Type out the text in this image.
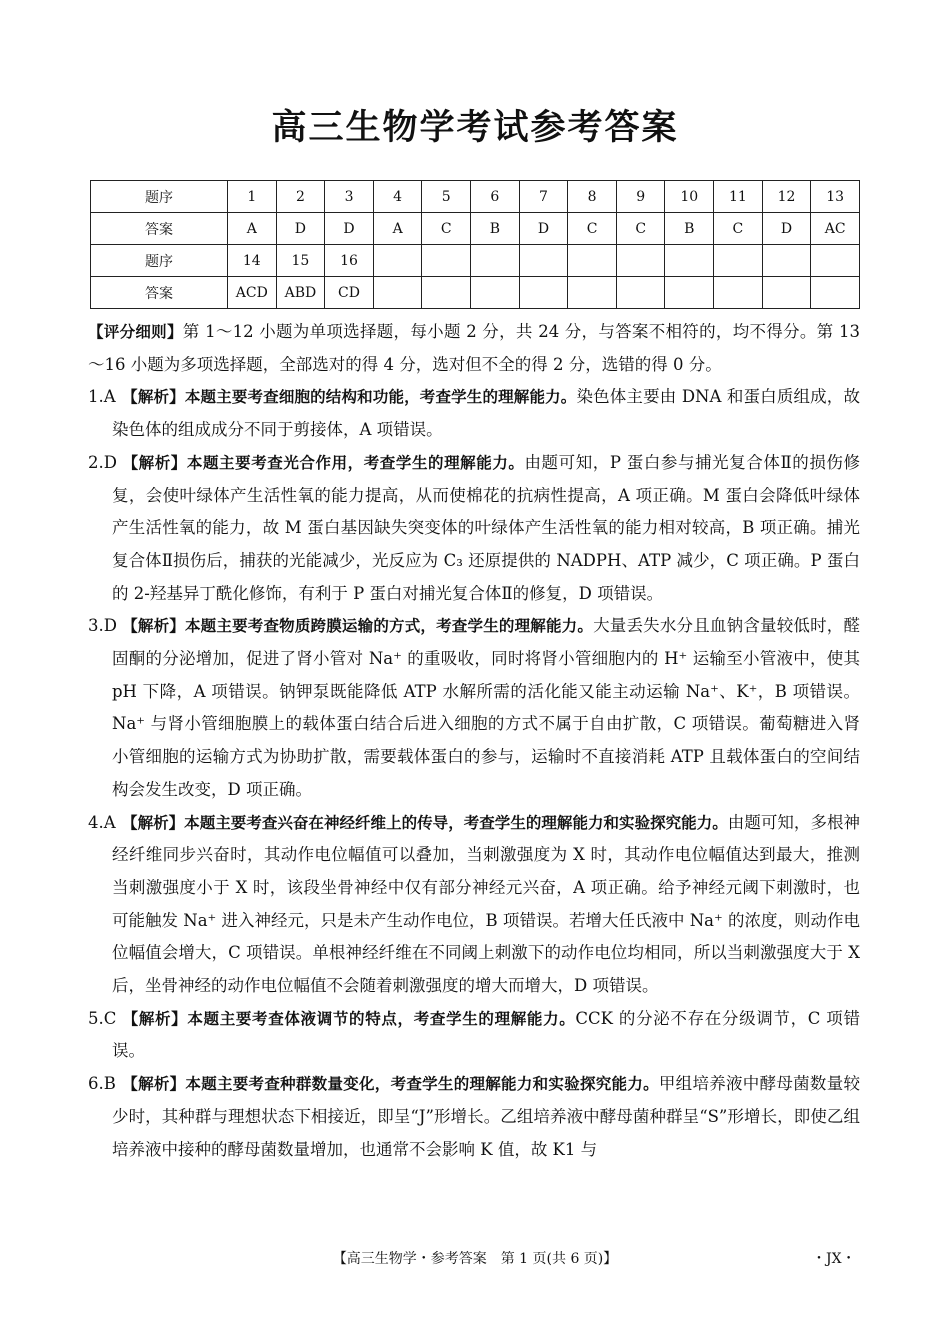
高三生物学考试参考答案
题序	1	2	3	4	5	6	7	8	9	10	11	12	13
答案	A	D	D	A	C	B	D	C	C	B	C	D	AC
题序	14	15	16										
答案	ACD	ABD	CD										

【评分细则】第 1～12 小题为单项选择题，每小题 2 分，共 24 分，与答案不相符的，均不得分。第 13～16 小题为多项选择题，全部选对的得 4 分，选对但不全的得 2 分，选错的得 0 分。

1.A 【解析】本题主要考查细胞的结构和功能，考查学生的理解能力。染色体主要由 DNA 和蛋白质组成，故染色体的组成成分不同于剪接体，A 项错误。

2.D 【解析】本题主要考查光合作用，考查学生的理解能力。由题可知，P 蛋白参与捕光复合体Ⅱ的损伤修复，会使叶绿体产生活性氧的能力提高，从而使棉花的抗病性提高，A 项正确。M 蛋白会降低叶绿体产生活性氧的能力，故 M 蛋白基因缺失突变体的叶绿体产生活性氧的能力相对较高，B 项正确。捕光复合体Ⅱ损伤后，捕获的光能减少，光反应为 C₃ 还原提供的 NADPH、ATP 减少，C 项正确。P 蛋白的 2-羟基异丁酰化修饰，有利于 P 蛋白对捕光复合体Ⅱ的修复，D 项错误。

3.D 【解析】本题主要考查物质跨膜运输的方式，考查学生的理解能力。大量丢失水分且血钠含量较低时，醛固酮的分泌增加，促进了肾小管对 Na⁺ 的重吸收，同时将肾小管细胞内的 H⁺ 运输至小管液中，使其 pH 下降，A 项错误。钠钾泵既能降低 ATP 水解所需的活化能又能主动运输 Na⁺、K⁺，B 项错误。Na⁺ 与肾小管细胞膜上的载体蛋白结合后进入细胞的方式不属于自由扩散，C 项错误。葡萄糖进入肾小管细胞的运输方式为协助扩散，需要载体蛋白的参与，运输时不直接消耗 ATP 且载体蛋白的空间结构会发生改变，D 项正确。

4.A 【解析】本题主要考查兴奋在神经纤维上的传导，考查学生的理解能力和实验探究能力。由题可知，多根神经纤维同步兴奋时，其动作电位幅值可以叠加，当刺激强度为 X 时，其动作电位幅值达到最大，推测当刺激强度小于 X 时，该段坐骨神经中仅有部分神经元兴奋，A 项正确。给予神经元阈下刺激时，也可能触发 Na⁺ 进入神经元，只是未产生动作电位，B 项错误。若增大任氏液中 Na⁺ 的浓度，则动作电位幅值会增大，C 项错误。单根神经纤维在不同阈上刺激下的动作电位均相同，所以当刺激强度大于 X 后，坐骨神经的动作电位幅值不会随着刺激强度的增大而增大，D 项错误。

5.C 【解析】本题主要考查体液调节的特点，考查学生的理解能力。CCK 的分泌不存在分级调节，C 项错误。

6.B 【解析】本题主要考查种群数量变化，考查学生的理解能力和实验探究能力。甲组培养液中酵母菌数量较少时，其种群与理想状态下相接近，即呈“J”形增长。乙组培养液中酵母菌种群呈“S”形增长，即使乙组培养液中接种的酵母菌数量增加，也通常不会影响 K 值，故 K1 与

【高三生物学・参考答案　第 1 页(共 6 页)】	・JX・
